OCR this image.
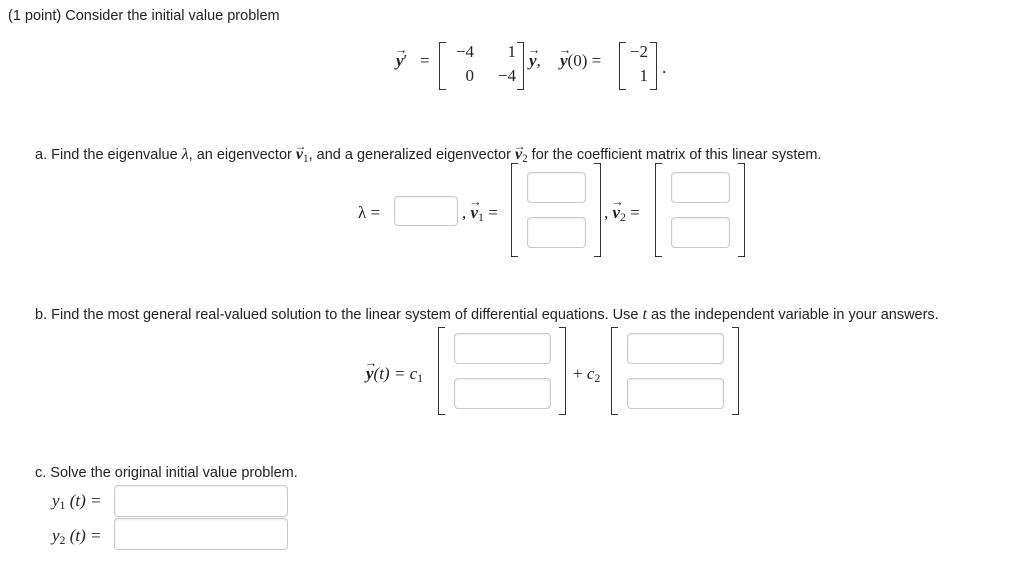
(1 point) Consider the initial value problem
→ y′ =	−4	1
0	−4
→ y, → y(0) =	−2
1 .
a. Find the eigenvalue λ, an eigenvector → $v_1$, and a generalized eigenvector → $v_2$ for the coefficient matrix of this linear system.
λ =	, → $v_1$ =	, → $v_2$ =
b. Find the most general real-valued solution to the linear system of differential equations. Use t as the independent variable in your answers.
→ $y(t) = c_1$	+ $c_2$
c. Solve the original initial value problem.
$y_1$ (t) =
$y_2$ (t) =
